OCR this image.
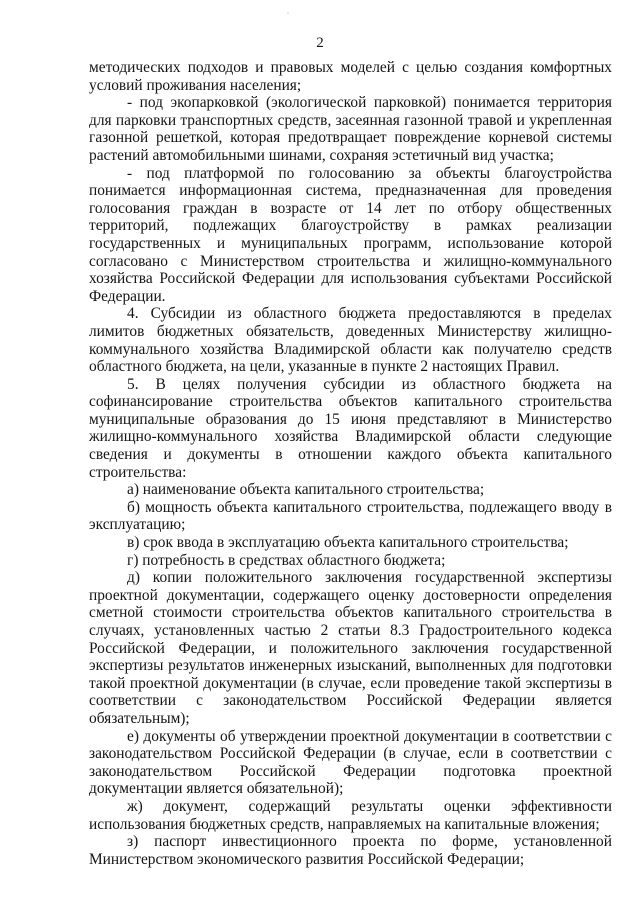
2

методических подходов и правовых моделей с целью создания комфортных условий проживания населения;

- под экопарковкой (экологической парковкой) понимается территория для парковки транспортных средств, засеянная газонной травой и укрепленная газонной решеткой, которая предотвращает повреждение корневой системы растений автомобильными шинами, сохраняя эстетичный вид участка;

- под платформой по голосованию за объекты благоустройства понимается информационная система, предназначенная для проведения голосования граждан в возрасте от 14 лет по отбору общественных территорий, подлежащих благоустройству в рамках реализации государственных и муниципальных программ, использование которой согласовано с Министерством строительства и жилищно-коммунального хозяйства Российской Федерации для использования субъектами Российской Федерации.

4. Субсидии из областного бюджета предоставляются в пределах лимитов бюджетных обязательств, доведенных Министерству жилищно-коммунального хозяйства Владимирской области как получателю средств областного бюджета, на цели, указанные в пункте 2 настоящих Правил.

5. В целях получения субсидии из областного бюджета на софинансирование строительства объектов капитального строительства муниципальные образования до 15 июня представляют в Министерство жилищно-коммунального хозяйства Владимирской области следующие сведения и документы в отношении каждого объекта капитального строительства:

а) наименование объекта капитального строительства;

б) мощность объекта капитального строительства, подлежащего вводу в эксплуатацию;

в) срок ввода в эксплуатацию объекта капитального строительства;

г) потребность в средствах областного бюджета;

д) копии положительного заключения государственной экспертизы проектной документации, содержащего оценку достоверности определения сметной стоимости строительства объектов капитального строительства в случаях, установленных частью 2 статьи 8.3 Градостроительного кодекса Российской Федерации, и положительного заключения государственной экспертизы результатов инженерных изысканий, выполненных для подготовки такой проектной документации (в случае, если проведение такой экспертизы в соответствии с законодательством Российской Федерации является обязательным);

е) документы об утверждении проектной документации в соответствии с законодательством Российской Федерации (в случае, если в соответствии с законодательством Российской Федерации подготовка проектной документации является обязательной);

ж) документ, содержащий результаты оценки эффективности использования бюджетных средств, направляемых на капитальные вложения;

з) паспорт инвестиционного проекта по форме, установленной Министерством экономического развития Российской Федерации;
